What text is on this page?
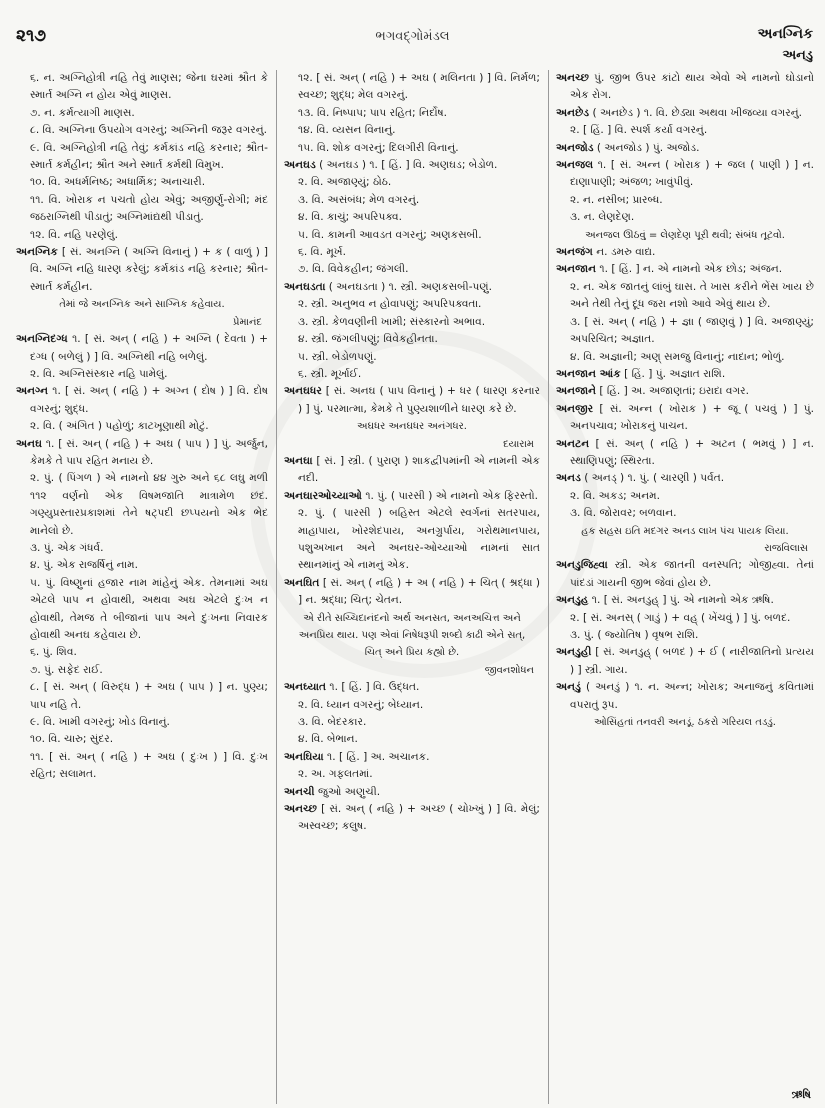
૨૧૭	ભગવદ્ગોમંડલ	અનગ્નિક
અનડુ
૬. ન. અગ્નિહોત્રી નહિ તેવું માણસ; જેના ઘરમાં શ્રૌત કે સ્માર્ત અગ્નિ ન હોય એવું માણસ.
૭. ન. કર્મત્યાગી માણસ.
૮. વિ. અગ્નિના ઉપયોગ વગરનું; અગ્નિની જરૂર વગરનું.
૯. વિ. અગ્નિહોત્રી નહિ તેવું; કર્મકાંડ નહિ કરનાર; શ્રૌત-સ્માર્ત કર્મહીન; શ્રૌત અને સ્માર્ત કર્મથી વિમુખ.
૧૦. વિ. અધર્મનિષ્ઠ; અધાર્મિક; અનાચારી.
૧૧. વિ. ખોરાક ન પચતો હોય એવું; અજીર્ણુ-રોગી; મંદ જઠરાગ્નિથી પીડાતું; અગ્નિમાંદ્યથી પીડાતું.
૧૨. વિ. નહિ પરણેલું.
અનગ્નિક [ સં. અનગ્નિ ( અગ્નિ વિનાનું ) + ક ( વાળું ) ] વિ. અગ્નિ નહિ ધારણ કરેલું; કર્મકાંડ નહિ કરનાર; શ્રૌત-સ્માર્ત કર્મહીન.
તેમાં જે અનગ્નિક અને સાગ્નિક કહેવાય.
પ્રેમાનંદ
અનગ્નિદગ્ધ ૧. [ સં. અન્ ( નહિ ) + અગ્નિ ( દેવતા ) + દગ્ધ ( બળેલું ) ] વિ. અગ્નિથી નહિ બળેલું.
૨. વિ. અગ્નિસંસ્કાર નહિ પામેલું.
અનગ્ન ૧. [ સં. અન્ ( નહિ ) + અગ્ન ( દોષ ) ] વિ. દોષ વગરનું; શુદ્ધ.
૨. વિ. ( અંગિત ) પહોળું; કાટખૂણાથી મોટું.
અનઘ ૧. [ સં. અન્ ( નહિ ) + અઘ ( પાપ ) ] પું. અર્જુન, કેમકે તે પાપ રહિત મનાય છે.
૨. પું. ( પિંગળ ) એ નામનો ૪૪ ગુરુ અને ૬૮ લઘુ મળી ૧૧૨ વર્ણનો એક વિષમજાતિ માત્રામેળ છંદ. ગણ્યુપ્રસ્તારપ્રકાશમાં તેને ષટ્પદી છપ્પયનો એક ભેદ માનેલો છે.
૩. પું. એક ગંધર્વ.
૪. પું. એક રાજર્ષિનું નામ.
૫. પું. વિષ્ણુનાં હજાર નામ માંહેનું એક. તેમનામાં અઘ એટલે પાપ ન હોવાથી, અથવા અઘ એટલે દુઃખ ન હોવાથી, તેમજ તે બીજાનાં પાપ અને દુઃખના નિવારક હોવાથી અનઘ કહેવાય છે.
૬. પું. શિવ.
૭. પું. સફેદ રાઈ.
૮. [ સં. અન્ ( વિરુદ્ધ ) + અઘ ( પાપ ) ] ન. પુણ્ય; પાપ નહિ તે.
૯. વિ. ખામી વગરનું; ખોડ વિનાનું.
૧૦. વિ. ચારુ; સુંદર.
૧૧. [ સં. અન્ ( નહિ ) + અઘ ( દુઃખ ) ] વિ. દુઃખ રહિત; સલામત.
૧૨. [ સં. અન્ ( નહિ ) + અઘ ( મલિનતા ) ] વિ. નિર્મળ; સ્વચ્છ; શુદ્ધ; મેલ વગરનું.
૧૩. વિ. નિષ્પાપ; પાપ રહિત; નિર્દોષ.
૧૪. વિ. વ્યસન વિનાનું.
૧૫. વિ. શોક વગરનું; દિલગીરી વિનાનું.
અનઘડ ( અનઘડ ) ૧. [ હિં. ] વિ. અણઘડ; બેડોળ.
૨. વિ. અજાણ્યું; ઠોઠ.
૩. વિ. અસંબંધ; મેળ વગરનું.
૪. વિ. કાચું; અપરિપક્વ.
૫. વિ. કામની આવડત વગરનું; અણકસબી.
૬. વિ. મૂર્ખ.
૭. વિ. વિવેકહીન; જંગલી.
અનઘડતા ( અનઘડતા ) ૧. સ્ત્રી. અણકસબી-પણું.
૨. સ્ત્રી. અનુભવ ન હોવાપણું; અપરિપક્વતા.
૩. સ્ત્રી. કેળવણીની ખામી; સંસ્કારનો અભાવ.
૪. સ્ત્રી. જંગલીપણું; વિવેકહીનતા.
૫. સ્ત્રી. બેડોળપણું.
૬. સ્ત્રી. મૂર્ખાઈ.
અનઘધર [ સં. અનઘ ( પાપ વિનાનું ) + ધર ( ધારણ કરનાર ) ] પું. પરમાત્મા, કેમકે તે પુણ્યશાળીને ધારણ કરે છે.
અઘધર અનઘધર અનંગધર.
દયારામ
અનઘા [ સં. ] સ્ત્રી. ( પુરાણ ) શાકદ્વીપમાંની એ નામની એક નદી.
અનઘારઓચ્યાઓ ૧. પું. ( પારસી ) એ નામનો એક ફિરસ્તો.
૨. પું. ( પારસી ) બહિસ્ત એટલે સ્વર્ગનાં સતરપાય, માહાપાય, ખોરશેદપાય, અનગ્રુર્પાય, ગરોથમાનપાય, પશુઅખાન અને અનઘર-ઓચ્યાઓ નામનાં સાત સ્થાનમાંનું એ નામનું એક.
અનઘિત [ સં. અન્ ( નહિ ) + અ ( નહિ ) + ચિત્ ( શ્રદ્ધા ) ] ન. શ્રદ્ધા; ચિત્; ચેતન.
એ રીતે સચ્ચિદાનંદનો અર્થ અનસત, અનઅચિત્ત અને અનપ્રિય થાય. પણ એવાં નિષેધરૂપી શબ્દો કાઢી એને સત્, ચિત્ અને પ્રિય કહ્યો છે.
જીવનશોધન
અનઘ્યાત ૧. [ હિં. ] વિ. ઉદ્ધત.
૨. વિ. ધ્યાન વગરનું; બેધ્યાન.
૩. વિ. બેદરકાર.
૪. વિ. બેભાન.
અનઘિયા ૧. [ હિં. ] અ. અચાનક.
૨. અ. ગફલતમાં.
અનચી જુઓ અણુચી.
અનચ્છ [ સં. અન્ ( નહિ ) + અચ્છ ( ચોખ્ખું ) ] વિ. મેલું; અસ્વચ્છ; કલુષ.
અનચ્છ પું. જીભ ઉપર કાંટો થાય એવો એ નામનો ઘોડાનો એક રોગ.
અનછેડ ( અનછેડ ) ૧. વિ. છેડ્યા અથવા ખીજવ્યા વગરનું.
૨. [ હિં. ] વિ. સ્પર્શ કર્યા વગરનું.
અનજોડ ( અનજોડ ) પું. અજોડ.
અનજલ ૧. [ સં. અન્ન ( ખોરાક ) + જલ ( પાણી ) ] ન. દાણાપાણી; અંજળ; ખાવુંપીવું.
૨. ન. નસીબ; પ્રારબ્ધ.
૩. ન. લેણદેણ.
અનજલ ઊઠવું = લેણદેણ પૂરી થવી; સંબંધ તૂટવો.
અનજંગ ન. ડમરુ વાદ્ય.
અનજાન ૧. [ હિં. ] ન. એ નામનો એક છોડ; અંજન.
૨. ન. એક જાતનું લાંબું ઘાસ. તે ખાસ કરીને ભેંસ ખાય છે અને તેથી તેનું દૂધ જરા નશો આવે એવું થાય છે.
૩. [ સં. અન્ ( નહિ ) + જ્ઞા ( જાણવું ) ] વિ. અજાણ્યું; અપરિચિત; અજ્ઞાત.
૪. વિ. અજ્ઞાની; અણ્ સમજુ વિનાનું; નાદાન; ભોળું.
અનજાન આંક [ હિં. ] પું. અજ્ઞાત રાશિ.
અનજાને [ હિં. ] અ. અજાણતાં; ઇરાદા વગર.
અનજીર [ સં. અન્ન ( ખોરાક ) + જૂ ( પચવું ) ] પું. અનપચાવ; ખોરાકનું પાચન.
અનટન [ સં. અન્ ( નહિ ) + અટન ( ભમવું ) ] ન. સ્થાણિપણું; સ્થિરતા.
અનડ ( અનડ્ ) ૧. પું. ( ચારણી ) પર્વત.
૨. વિ. અકડ; અનમ.
૩. વિ. જોરાવર; બળવાન.
હક સહસ ઇતિ મદગર અનડ લાખ પંચ પાયક લિયા.
રાજવિલાસ
અનડુજિહ્વા સ્ત્રી. એક જાતની વનસ્પતિ; ગોજીહ્વા. તેનાં પાંદડાં ગાયની જીભ જેવાં હોય છે.
અનડુહ ૧. [ સં. અનડુહ્ ] પું. એ નામનો એક ઋષિ.
૨. [ સં. અનસ્ ( ગાડું ) + વહ્ ( ખેંચવું ) ] પું. બળદ.
૩. પું. ( જ્યોતિષ ) વૃષભ રાશિ.
અનડુહી [ સં. અનડુહ્ ( બળદ ) + ઈ ( નારીજાતિનો પ્રત્યય ) ] સ્ત્રી. ગાય.
અનડું ( અનડું ) ૧. ન. અન્ન; ખોરાક; અનાજનું કવિતામાં વપરાતું રૂપ.
ઓસિંહતાં તનવરી અનડૂં. ઠકરો ગરિયલ તડડું.
ઋષિ
